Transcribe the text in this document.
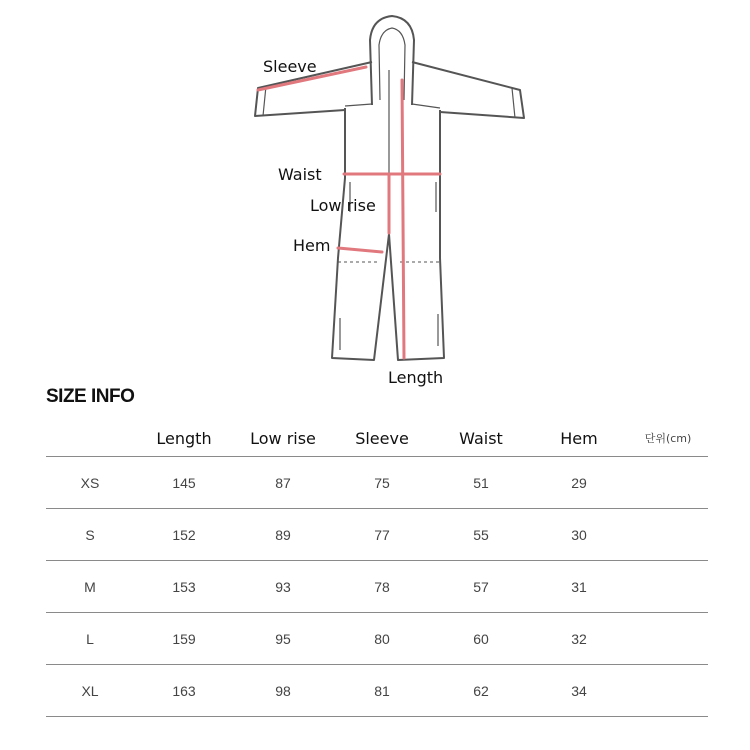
Sleeve
Waist
Low rise
Hem
Length
SIZE INFO
	Length	Low rise	Sleeve	Waist	Hem	단위(cm)
XS	145	87	75	51	29	
S	152	89	77	55	30	
M	153	93	78	57	31	
L	159	95	80	60	32	
XL	163	98	81	62	34	
